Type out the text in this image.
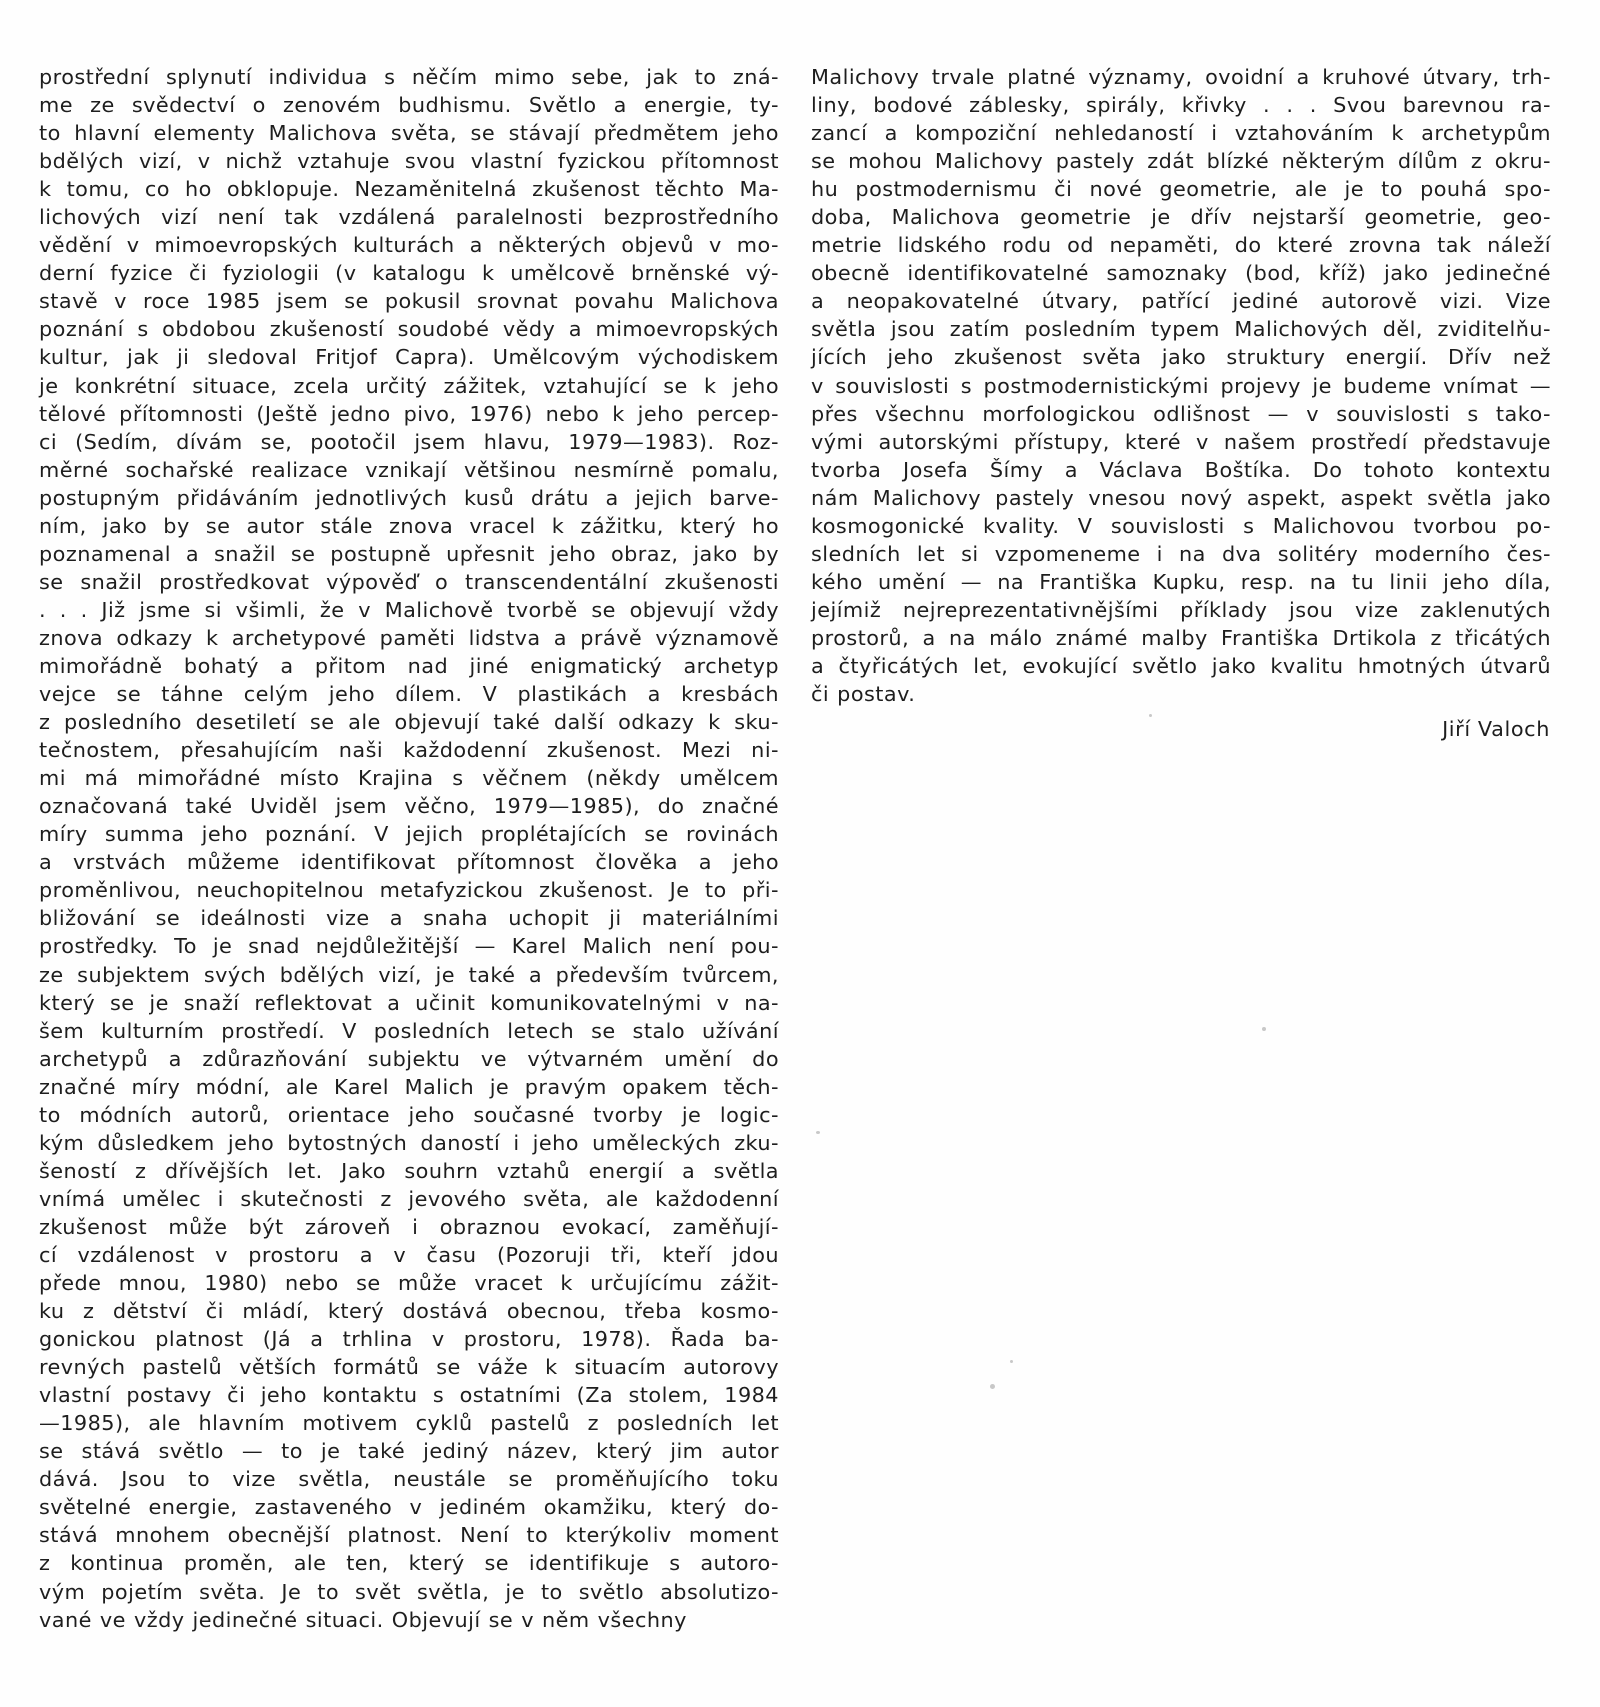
prostřední splynutí individua s něčím mimo sebe, jak to zná-
me ze svědectví o zenovém budhismu. Světlo a energie, ty-
to hlavní elementy Malichova světa, se stávají předmětem jeho
bdělých vizí, v nichž vztahuje svou vlastní fyzickou přítomnost
k tomu, co ho obklopuje. Nezaměnitelná zkušenost těchto Ma-
lichových vizí není tak vzdálená paralelnosti bezprostředního
vědění v mimoevropských kulturách a některých objevů v mo-
derní fyzice či fyziologii (v katalogu k umělcově brněnské vý-
stavě v roce 1985 jsem se pokusil srovnat povahu Malichova
poznání s obdobou zkušeností soudobé vědy a mimoevropských
kultur, jak ji sledoval Fritjof Capra). Umělcovým východiskem
je konkrétní situace, zcela určitý zážitek, vztahující se k jeho
tělové přítomnosti (Ještě jedno pivo, 1976) nebo k jeho percep-
ci (Sedím, dívám se, pootočil jsem hlavu, 1979—1983). Roz-
měrné sochařské realizace vznikají většinou nesmírně pomalu,
postupným přidáváním jednotlivých kusů drátu a jejich barve-
ním, jako by se autor stále znova vracel k zážitku, který ho
poznamenal a snažil se postupně upřesnit jeho obraz, jako by
se snažil prostředkovat výpověď o transcendentální zkušenosti
. . . Již jsme si všimli, že v Malichově tvorbě se objevují vždy
znova odkazy k archetypové paměti lidstva a právě významově
mimořádně bohatý a přitom nad jiné enigmatický archetyp
vejce se táhne celým jeho dílem. V plastikách a kresbách
z posledního desetiletí se ale objevují také další odkazy k sku-
tečnostem, přesahujícím naši každodenní zkušenost. Mezi ni-
mi má mimořádné místo Krajina s věčnem (někdy umělcem
označovaná také Uviděl jsem věčno, 1979—1985), do značné
míry summa jeho poznání. V jejich proplétajících se rovinách
a vrstvách můžeme identifikovat přítomnost člověka a jeho
proměnlivou, neuchopitelnou metafyzickou zkušenost. Je to při-
bližování se ideálnosti vize a snaha uchopit ji materiálními
prostředky. To je snad nejdůležitější — Karel Malich není pou-
ze subjektem svých bdělých vizí, je také a především tvůrcem,
který se je snaží reflektovat a učinit komunikovatelnými v na-
šem kulturním prostředí. V posledních letech se stalo užívání
archetypů a zdůrazňování subjektu ve výtvarném umění do
značné míry módní, ale Karel Malich je pravým opakem těch-
to módních autorů, orientace jeho současné tvorby je logic-
kým důsledkem jeho bytostných daností i jeho uměleckých zku-
šeností z dřívějších let. Jako souhrn vztahů energií a světla
vnímá umělec i skutečnosti z jevového světa, ale každodenní
zkušenost může být zároveň i obraznou evokací, zaměňují-
cí vzdálenost v prostoru a v času (Pozoruji tři, kteří jdou
přede mnou, 1980) nebo se může vracet k určujícímu zážit-
ku z dětství či mládí, který dostává obecnou, třeba kosmo-
gonickou platnost (Já a trhlina v prostoru, 1978). Řada ba-
revných pastelů větších formátů se váže k situacím autorovy
vlastní postavy či jeho kontaktu s ostatními (Za stolem, 1984
—1985), ale hlavním motivem cyklů pastelů z posledních let
se stává světlo — to je také jediný název, který jim autor
dává. Jsou to vize světla, neustále se proměňujícího toku
světelné energie, zastaveného v jediném okamžiku, který do-
stává mnohem obecnější platnost. Není to kterýkoliv moment
z kontinua proměn, ale ten, který se identifikuje s autoro-
vým pojetím světa. Je to svět světla, je to světlo absolutizo-
vané ve vždy jedinečné situaci. Objevují se v něm všechny
Malichovy trvale platné významy, ovoidní a kruhové útvary, trh-
liny, bodové záblesky, spirály, křivky . . . Svou barevnou ra-
zancí a kompoziční nehledaností i vztahováním k archetypům
se mohou Malichovy pastely zdát blízké některým dílům z okru-
hu postmodernismu či nové geometrie, ale je to pouhá spo-
doba, Malichova geometrie je dřív nejstarší geometrie, geo-
metrie lidského rodu od nepaměti, do které zrovna tak náleží
obecně identifikovatelné samoznaky (bod, kříž) jako jedinečné
a neopakovatelné útvary, patřící jediné autorově vizi. Vize
světla jsou zatím posledním typem Malichových děl, zviditelňu-
jících jeho zkušenost světa jako struktury energií. Dřív než
v souvislosti s postmodernistickými projevy je budeme vnímat —
přes všechnu morfologickou odlišnost — v souvislosti s tako-
vými autorskými přístupy, které v našem prostředí představuje
tvorba Josefa Šímy a Václava Boštíka. Do tohoto kontextu
nám Malichovy pastely vnesou nový aspekt, aspekt světla jako
kosmogonické kvality. V souvislosti s Malichovou tvorbou po-
sledních let si vzpomeneme i na dva solitéry moderního čes-
kého umění — na Františka Kupku, resp. na tu linii jeho díla,
jejímiž nejreprezentativnějšími příklady jsou vize zaklenutých
prostorů, a na málo známé malby Františka Drtikola z třicátých
a čtyřicátých let, evokující světlo jako kvalitu hmotných útvarů
či postav.
Jiří Valoch
